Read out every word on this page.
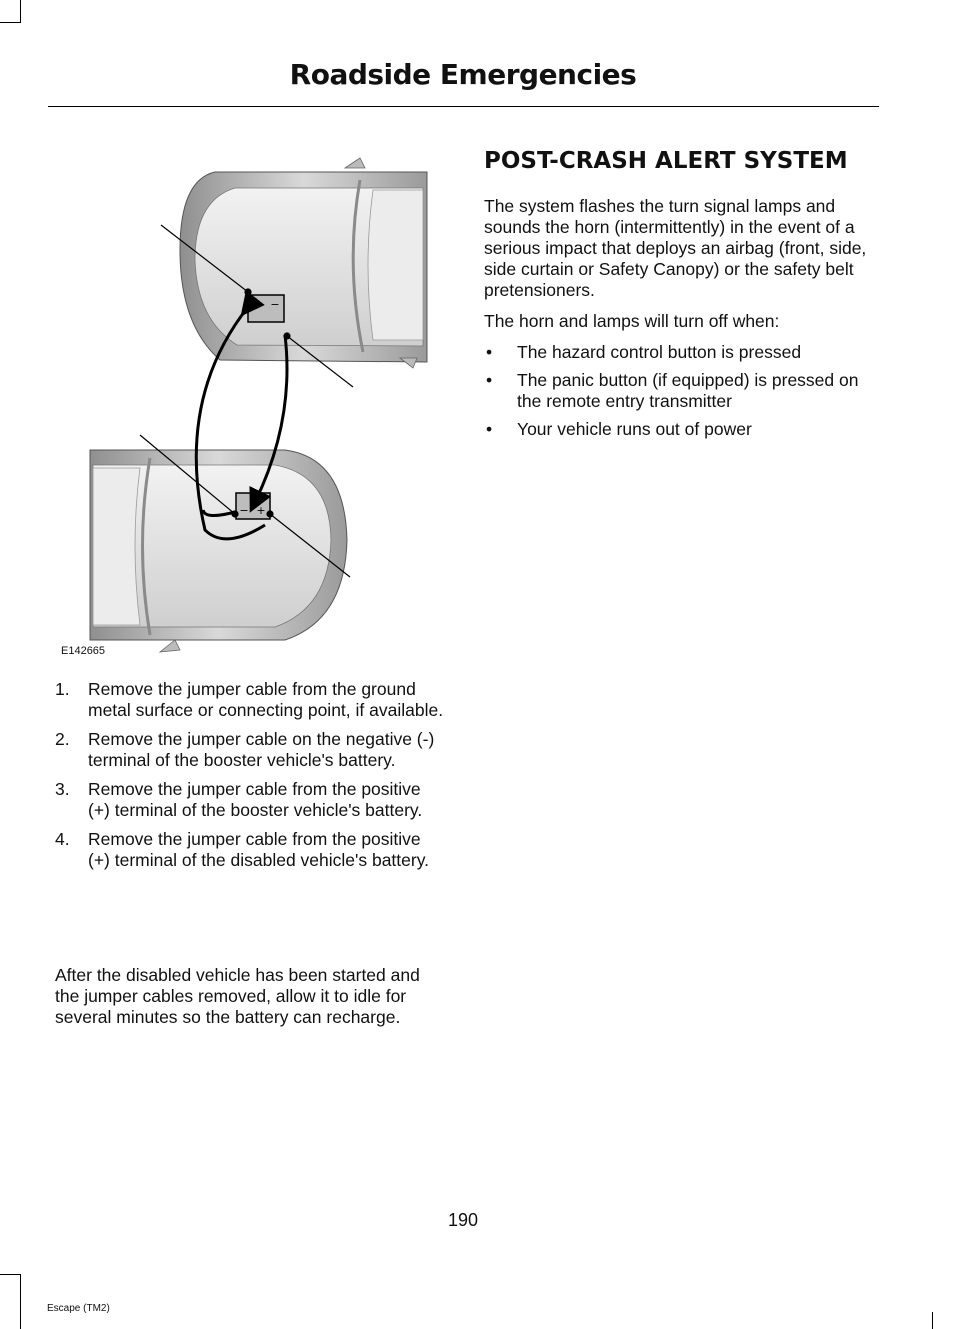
Roadside Emergencies
+ −
− +
E142665
1. Remove the jumper cable from the ground metal surface or connecting point, if available.
2. Remove the jumper cable on the negative (-) terminal of the booster vehicle's battery.
3. Remove the jumper cable from the positive (+) terminal of the booster vehicle's battery.
4. Remove the jumper cable from the positive (+) terminal of the disabled vehicle's battery.

After the disabled vehicle has been started and the jumper cables removed, allow it to idle for several minutes so the battery can recharge.

POST-CRASH ALERT SYSTEM

The system flashes the turn signal lamps and sounds the horn (intermittently) in the event of a serious impact that deploys an airbag (front, side, side curtain or Safety Canopy) or the safety belt pretensioners.

The horn and lamps will turn off when:

• The hazard control button is pressed
• The panic button (if equipped) is pressed on the remote entry transmitter
• Your vehicle runs out of power
190
Escape (TM2)
